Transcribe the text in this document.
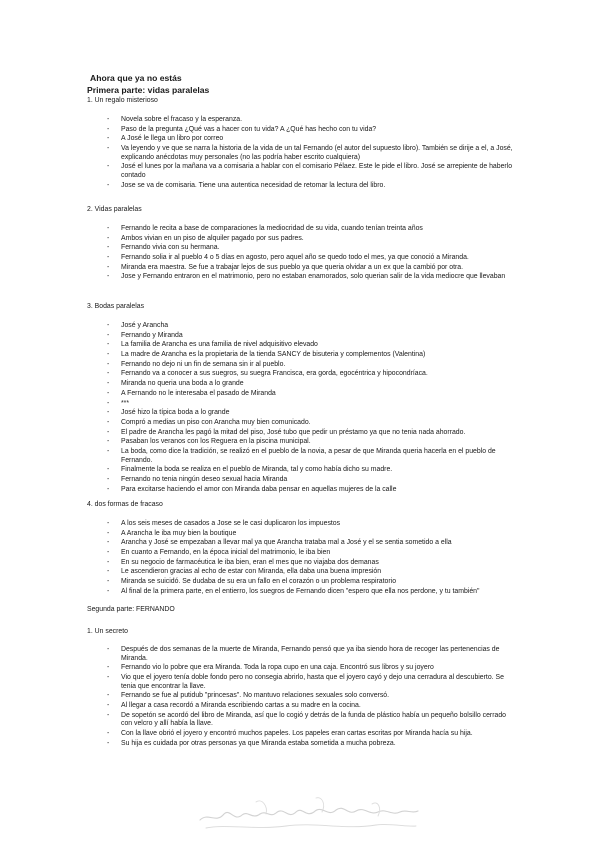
Ahora que ya no estás
Primera parte: vidas paralelas
1. Un regalo misterioso
- Novela sobre el fracaso y la esperanza.
- Paso de la pregunta ¿Qué vas a hacer con tu vida? A ¿Qué has hecho con tu vida?
- A José le llega un libro por correo
- Va leyendo y ve que se narra la historia de la vida de un tal Fernando (el autor del supuesto libro). También se dirije a el, a José, explicando anécdotas muy personales (no las podría haber escrito cualquiera)
- José el lunes por la mañana va a comisaria a hablar con el comisario Pélaez. Este le pide el libro. José se arrepiente de haberlo contado
- Jose se va de comisaria. Tiene una autentica necesidad de retomar la lectura del libro.
2. Vidas paralelas
- Fernando le recita a base de comparaciones la mediocridad de su vida, cuando tenían treinta años
- Ambos vivian en un piso de alquiler pagado por sus padres.
- Fernando vivia con su hermana.
- Fernando solia ir al pueblo 4 o 5 días en agosto, pero aquel año se quedo todo el mes, ya que conoció a Miranda.
- Miranda era maestra. Se fue a trabajar lejos de sus pueblo ya que queria olvidar a un ex que la cambió por otra.
- Jose y Fernando entraron en el matrimonio, pero no estaban enamorados, solo querian salir de la vida mediocre que llevaban
3. Bodas paralelas
- José y Arancha
- Fernando y Miranda
- La familia de Arancha es una familia de nivel adquisitivo elevado
- La madre de Arancha es la propietaria de la tienda SANCY de bisuteria y complementos (Valentina)
- Fernando no dejo ni un fin de semana sin ir al pueblo.
- Fernando va a conocer a sus suegros, su suegra Francisca, era gorda, egocéntrica y hipocondríaca.
- Miranda no queria una boda a lo grande
- A Fernando no le interesaba el pasado de Miranda
- ***
- José hizo la típica boda a lo grande
- Compró a medias un piso con Arancha muy bien comunicado.
- El padre de Arancha les pagó la mitad del piso, José tubo que pedir un préstamo ya que no tenia nada ahorrado.
- Pasaban los veranos con los Reguera en la piscina municipal.
- La boda, como dice la tradición, se realizó en el pueblo de la novia, a pesar de que Miranda queria hacerla en el pueblo de Fernando.
- Finalmente la boda se realiza en el pueblo de Miranda, tal y como había dicho su madre.
- Fernando no tenia ningún deseo sexual hacia Miranda
- Para excitarse haciendo el amor con Miranda daba pensar en aquellas mujeres de la calle
4. dos formas de fracaso
- A los seis meses de casados a Jose se le casi duplicaron los impuestos
- A Arancha le iba muy bien la boutique
- Arancha y José se empezaban a llevar mal ya que Arancha trataba mal a José y el se sentia sometido a ella
- En cuanto a Fernando, en la época inicial del matrimonio, le iba bien
- En su negocio de farmacéutica le iba bien, eran el mes que no viajaba dos demanas
- Le ascendieron gracias al echo de estar con Miranda, ella daba una buena impresión
- Miranda se suicidó. Se dudaba de su era un fallo en el corazón o un problema respiratorio
- Al final de la primera parte, en el entierro, los suegros de Fernando dicen "espero que ella nos perdone, y tu también"
Segunda parte: FERNANDO
1. Un secreto
- Después de dos semanas de la muerte de Miranda, Fernando pensó que ya iba siendo hora de recoger las pertenencias de Miranda.
- Fernando vio lo pobre que era Miranda. Toda la ropa cupo en una caja. Encontró sus libros y su joyero
- Vio que el joyero tenía doble fondo pero no consegia abrirlo, hasta que el joyero cayó y dejo una cerradura al descubierto. Se tenia que encontrar la llave.
- Fernando se fue al putidub "princesas". No mantuvo relaciones sexuales solo conversó.
- Al llegar a casa recordó a Miranda escribiendo cartas a su madre en la cocina.
- De sopetón se acordó del libro de Miranda, así que lo cogió y detrás de la funda de plástico había un pequeño bolsillo cerrado con velcro y allí había la llave.
- Con la llave obrió el joyero y encontró muchos papeles. Los papeles eran cartas escritas por Miranda hacía su hija.
- Su hija es cuidada por otras personas ya que Miranda estaba sometida a mucha pobreza.
